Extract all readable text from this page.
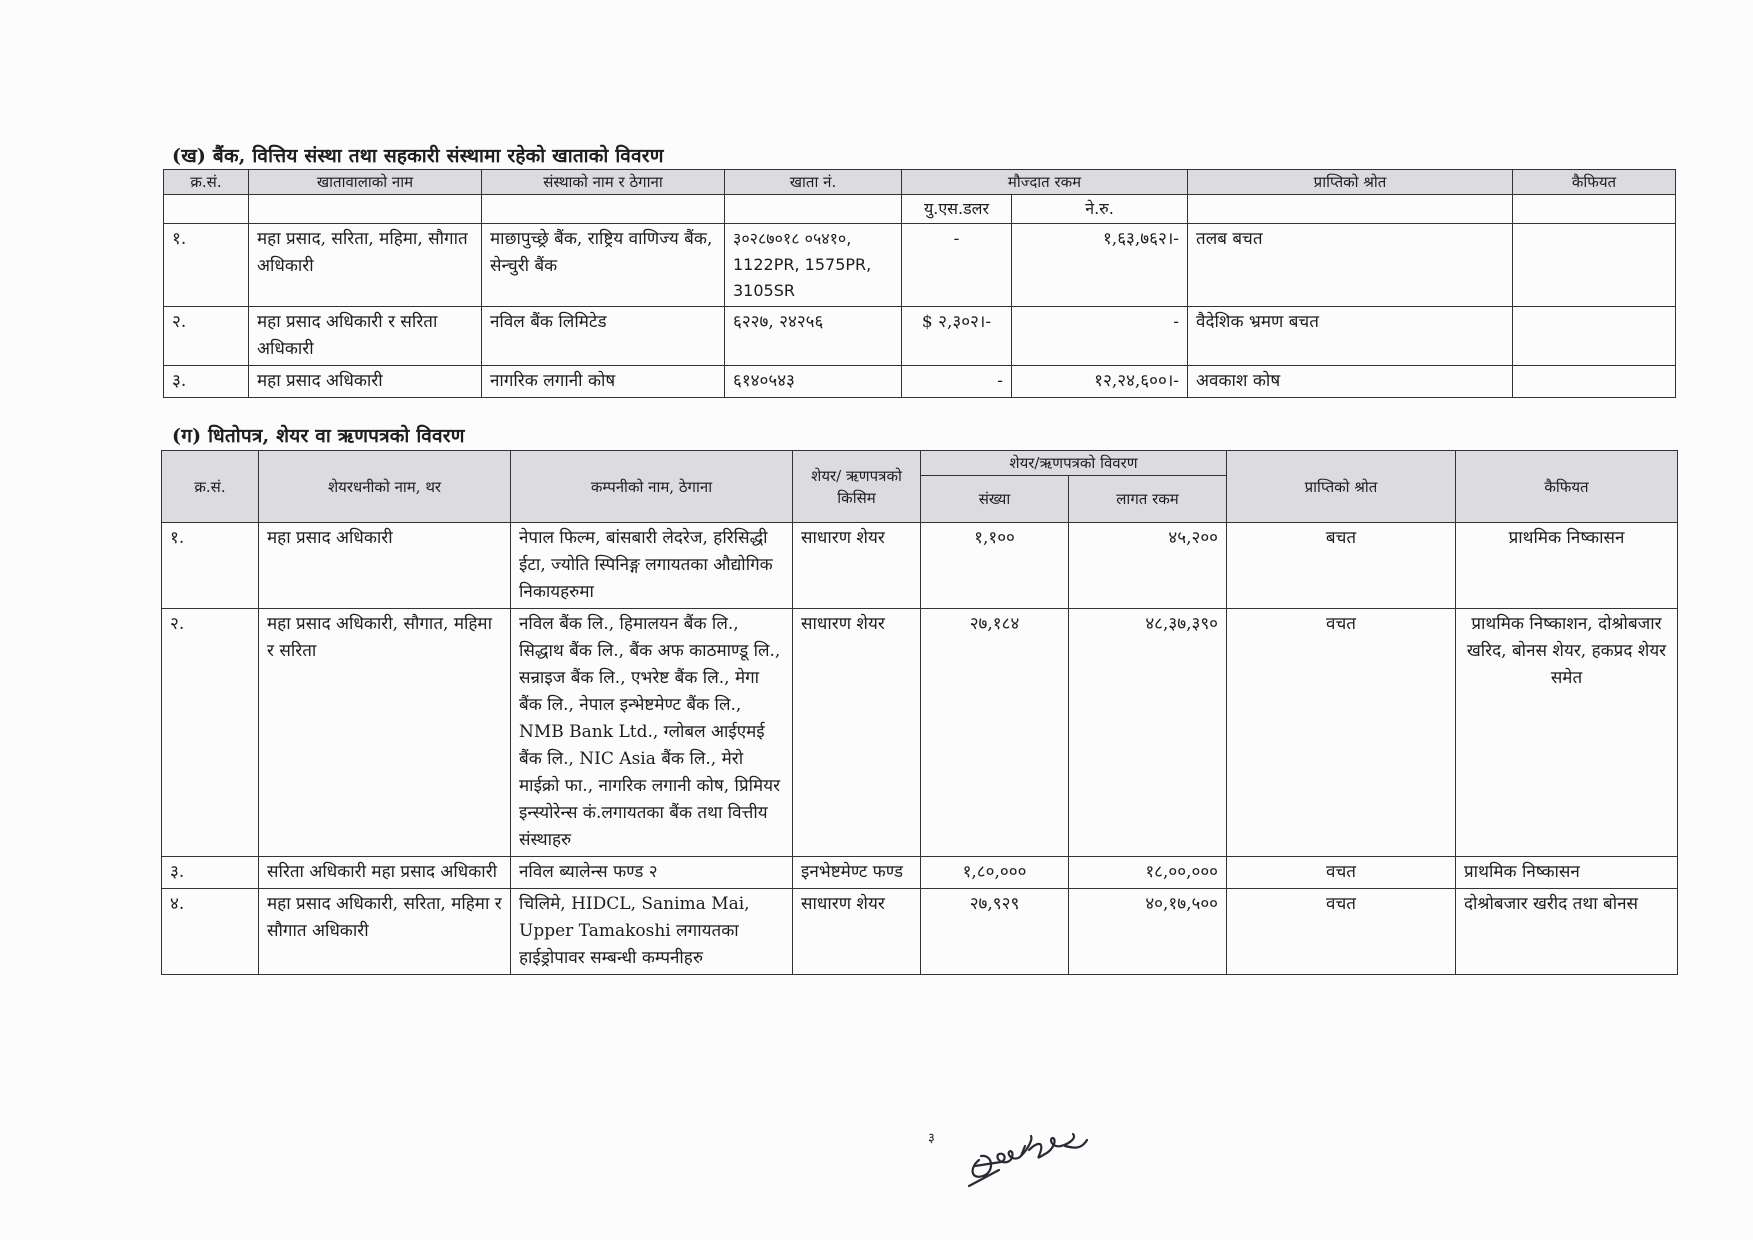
(ख) बैंक, वित्तिय संस्था तथा सहकारी संस्थामा रहेको खाताको विवरण
क्र.सं.	खातावालाको नाम	संस्थाको नाम र ठेगाना	खाता नं.	मौज्दात रकम		प्राप्तिको श्रोत	कैफियत
				यु.एस.डलर	ने.रु.		
१.	महा प्रसाद, सरिता, महिमा, सौगात अधिकारी	माछापुच्छ्रे बैंक, राष्ट्रिय वाणिज्य बैंक, सेन्चुरी बैंक	३०२८७०१८ ०५४१०, 1122PR, 1575PR, 3105SR	-	१,६३,७६२।-	तलब बचत	
२.	महा प्रसाद अधिकारी र सरिता अधिकारी	नविल बैंक लिमिटेड	६२२७, २४२५६	$ २,३०२।-	-	वैदेशिक भ्रमण बचत	
३.	महा प्रसाद अधिकारी	नागरिक लगानी कोष	६१४०५४३	-	१२,२४,६००।-	अवकाश कोष	
(ग) धितोपत्र, शेयर वा ऋणपत्रको विवरण
क्र.सं.	शेयरधनीको नाम, थर	कम्पनीको नाम, ठेगाना	शेयर/ ऋणपत्रको किसिम	शेयर/ऋणपत्रको विवरण		प्राप्तिको श्रोत	कैफियत
				संख्या	लागत रकम		
१.	महा प्रसाद अधिकारी	नेपाल फिल्म, बांसबारी लेदरेज, हरिसिद्धी ईटा, ज्योति स्पिनिङ्ग लगायतका औद्योगिक निकायहरुमा	साधारण शेयर	१,१००	४५,२००	बचत	प्राथमिक निष्कासन
२.	महा प्रसाद अधिकारी, सौगात, महिमा र सरिता	नविल बैंक लि., हिमालयन बैंक लि., सिद्धाथ बैंक लि., बैंक अफ काठमाण्डू लि., सन्राइज बैंक लि., एभरेष्ट बैंक लि., मेगा बैंक लि., नेपाल इन्भेष्टमेण्ट बैंक लि., NMB Bank Ltd., ग्लोबल आईएमई बैंक लि., NIC Asia बैंक लि., मेरो माईक्रो फा., नागरिक लगानी कोष, प्रिमियर इन्स्योरेन्स कं.लगायतका बैंक तथा वित्तीय संस्थाहरु	साधारण शेयर	२७,१८४	४८,३७,३९०	वचत	प्राथमिक निष्काशन, दोश्रोबजार खरिद, बोनस शेयर, हकप्रद शेयर समेत
३.	सरिता अधिकारी महा प्रसाद अधिकारी	नविल ब्यालेन्स फण्ड २	इनभेष्टमेण्ट फण्ड	१,८०,०००	१८,००,०००	वचत	प्राथमिक निष्कासन
४.	महा प्रसाद अधिकारी, सरिता, महिमा र सौगात अधिकारी	चिलिमे, HIDCL, Sanima Mai, Upper Tamakoshi लगायतका हाईड्रोपावर सम्बन्धी कम्पनीहरु	साधारण शेयर	२७,९२९	४०,१७,५००	वचत	दोश्रोबजार खरीद तथा बोनस
३
